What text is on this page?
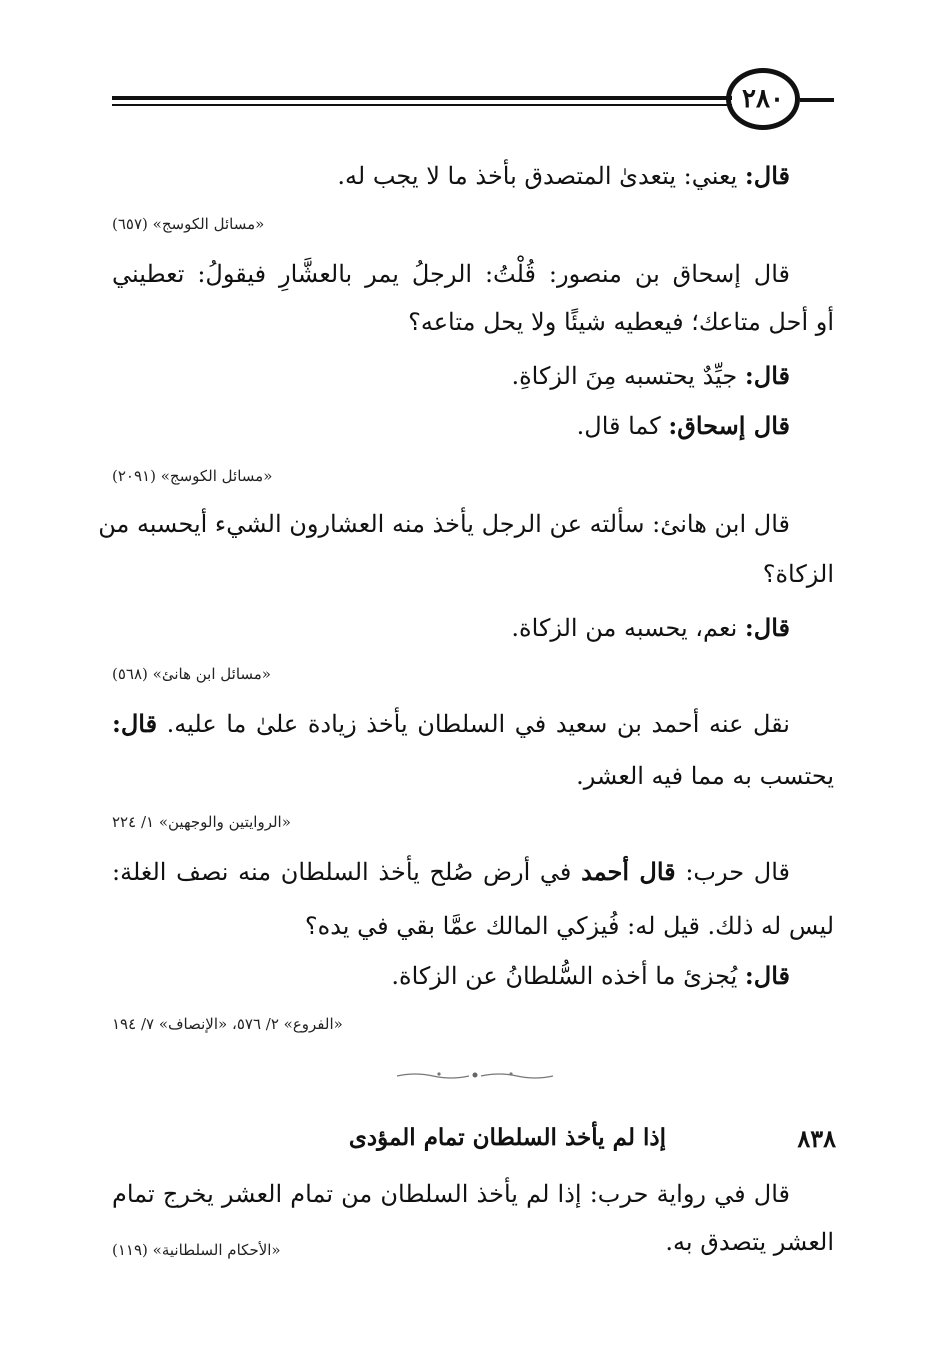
٢٨٠
قال: يعني: يتعدىٰ المتصدق بأخذ ما لا يجب له.
«مسائل الكوسج» (٦٥٧)
قال إسحاق بن منصور: قُلْتُ: الرجلُ يمر بالعشَّارِ فيقولُ: تعطيني
أو أحل متاعك؛ فيعطيه شيئًا ولا يحل متاعه؟
قال: جيِّدٌ يحتسبه مِنَ الزكاةِ.
قال إسحاق: كما قال.
«مسائل الكوسج» (٢٠٩١)
قال ابن هانئ: سألته عن الرجل يأخذ منه العشارون الشيء أيحسبه من
الزكاة؟
قال: نعم، يحسبه من الزكاة.
«مسائل ابن هانئ» (٥٦٨)
نقل عنه أحمد بن سعيد في السلطان يأخذ زيادة علىٰ ما عليه. قال:
يحتسب به مما فيه العشر.
«الروايتين والوجهين» ١/ ٢٢٤
قال حرب: قال أحمد في أرض صُلح يأخذ السلطان منه نصف الغلة:
ليس له ذلك. قيل له: فُيزكي المالك عمَّا بقي في يده؟
قال: يُجزئ ما أخذه السُّلطانُ عن الزكاة.
«الفروع» ٢/ ٥٧٦، «الإنصاف» ٧/ ١٩٤
٨٣٨
إذا لم يأخذ السلطان تمام المؤدى
قال في رواية حرب: إذا لم يأخذ السلطان من تمام العشر يخرج تمام
العشر يتصدق به.
«الأحكام السلطانية» (١١٩)
